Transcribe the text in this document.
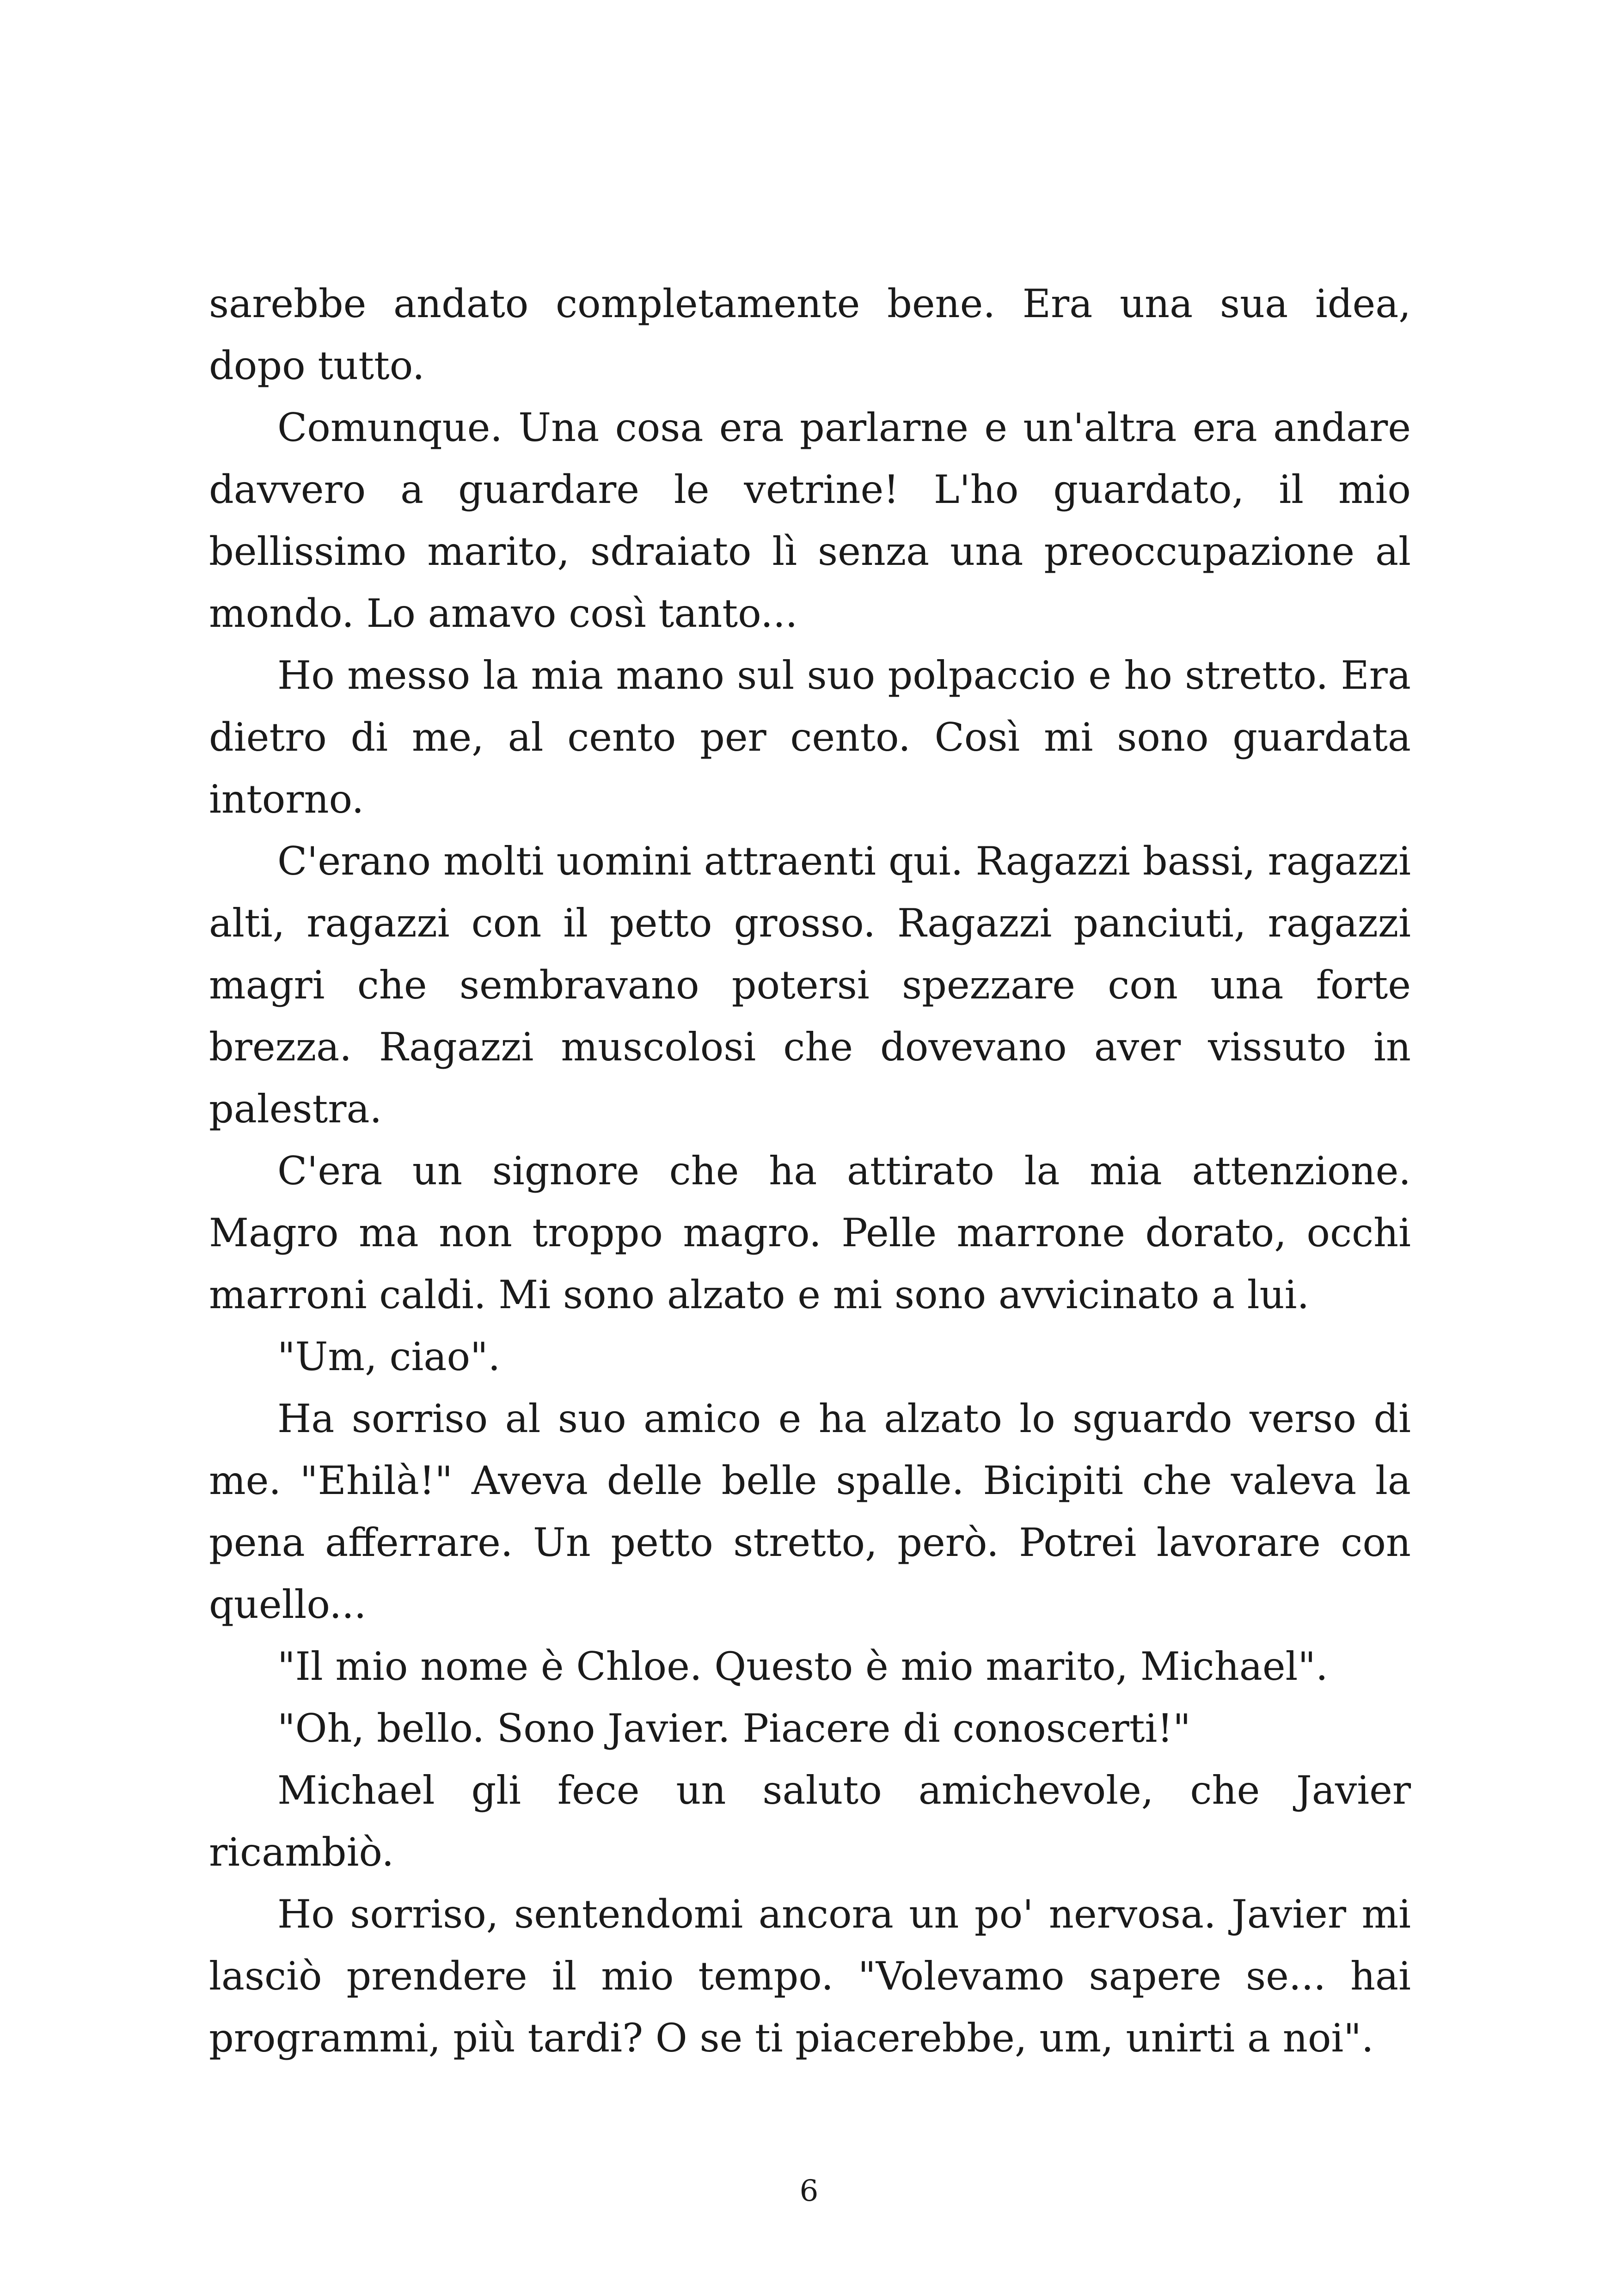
sarebbe andato completamente bene. Era una sua idea, dopo tutto.

Comunque. Una cosa era parlarne e un'altra era andare davvero a guardare le vetrine! L'ho guardato, il mio bellissimo marito, sdraiato lì senza una preoccupazione al mondo. Lo amavo così tanto...

Ho messo la mia mano sul suo polpaccio e ho stretto. Era dietro di me, al cento per cento. Così mi sono guardata intorno.

C'erano molti uomini attraenti qui. Ragazzi bassi, ragazzi alti, ragazzi con il petto grosso. Ragazzi panciuti, ragazzi magri che sembravano potersi spezzare con una forte brezza. Ragazzi muscolosi che dovevano aver vissuto in palestra.

C'era un signore che ha attirato la mia attenzione. Magro ma non troppo magro. Pelle marrone dorato, occhi marroni caldi. Mi sono alzato e mi sono avvicinato a lui.

"Um, ciao".

Ha sorriso al suo amico e ha alzato lo sguardo verso di me. "Ehilà!" Aveva delle belle spalle. Bicipiti che valeva la pena afferrare. Un petto stretto, però. Potrei lavorare con quello...

"Il mio nome è Chloe. Questo è mio marito, Michael".

"Oh, bello. Sono Javier. Piacere di conoscerti!"

Michael gli fece un saluto amichevole, che Javier ricambiò.

Ho sorriso, sentendomi ancora un po' nervosa. Javier mi lasciò prendere il mio tempo. "Volevamo sapere se... hai programmi, più tardi? O se ti piacerebbe, um, unirti a noi".

6
